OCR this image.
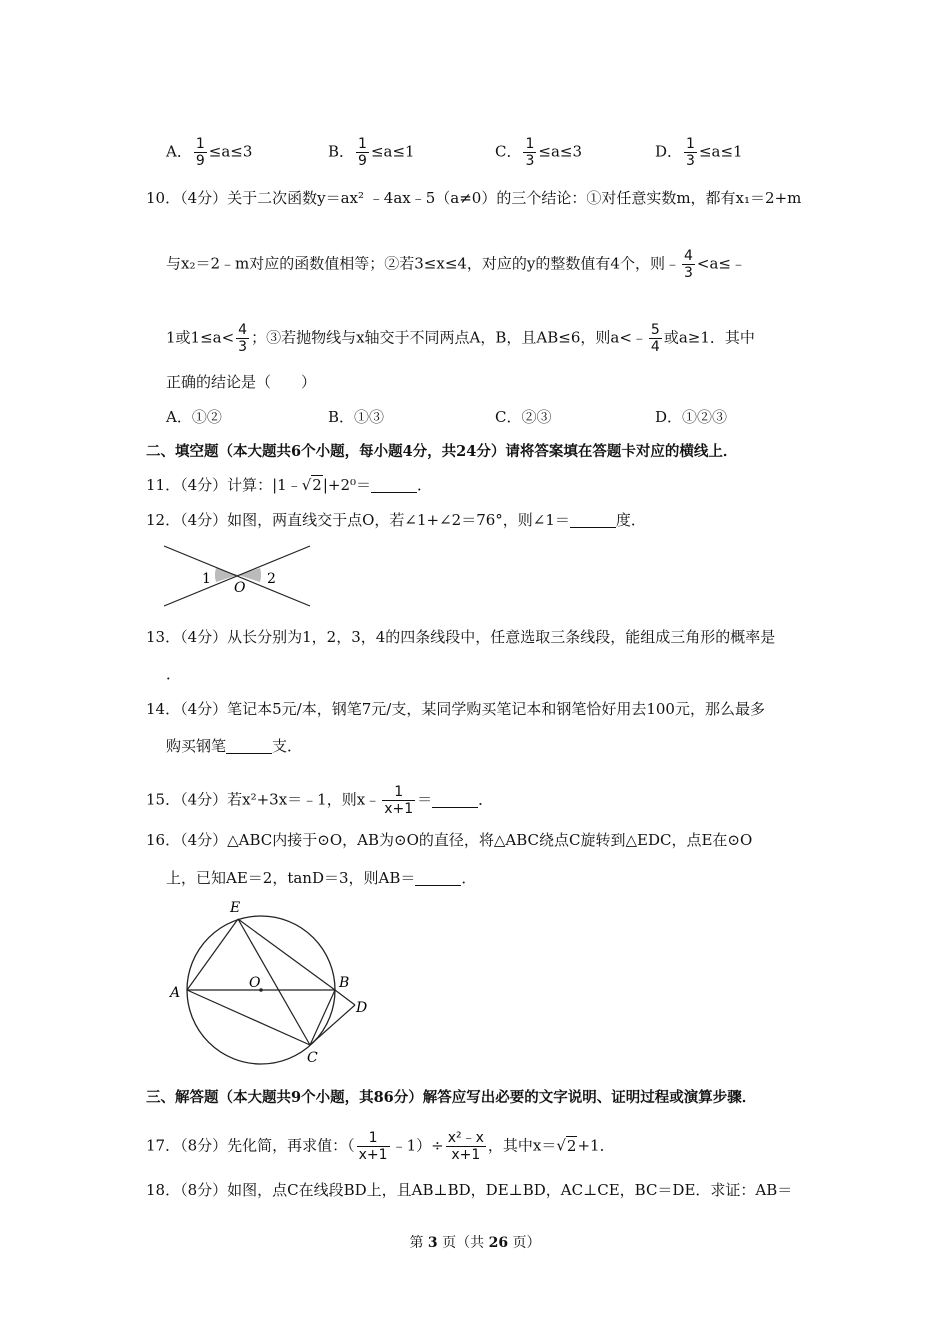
A． $\frac{1}{9} \le a\le 3$	B． $\frac{1}{9} \le a\le 1$	C． $\frac{1}{3} \le a\le 3$	D． $\frac{1}{3} \le a\le 1$
10．（4分）关于二次函数y＝ax² ﹣4ax﹣5（a≠0）的三个结论：①对任意实数m，都有x₁＝2+m
与x₂＝2﹣m对应的函数值相等；②若3≤x≤4，对应的y的整数值有4个，则﹣ $\frac{4}{3}$ <a≤﹣
1或$1\le a< \frac{4}{3}$ ；③若抛物线与x轴交于不同两点A，B，且AB≤6，则a<﹣ $\frac{5}{4}$ 或a≥1．其中
正确的结论是（　　）
A．①②	B．①③	C．②③	D．①②③
二、填空题（本大题共6个小题，每小题4分，共24分）请将答案填在答题卡对应的横线上．
11．（4分）计算：|1﹣√2|+2⁰＝	．
12．（4分）如图，两直线交于点O，若∠1+∠2＝76°，则∠1＝	度．
1	2
O
13．（4分）从长分别为1，2，3，4的四条线段中，任意选取三条线段，能组成三角形的概率是
．
14．（4分）笔记本5元/本，钢笔7元/支，某同学购买笔记本和钢笔恰好用去100元，那么最多
购买钢笔	支．
15．（4分）若x²+3x＝﹣1，则x﹣ $\frac{1}{x+1}$ ＝	．
16．（4分）△ABC内接于⊙O，AB为⊙O的直径，将△ABC绕点C旋转到△EDC，点E在⊙O
上，已知AE＝2，tanD＝3，则AB＝	．
E
A
O	B
D
C
三、解答题（本大题共9个小题，其86分）解答应写出必要的文字说明、证明过程或演算步骤．
17．（8分）先化简，再求值：（ $\frac{1}{x+1}$ ﹣1）÷ $\frac{\text{x²﹣x}}{x+1}$ ，其中x＝√2+1．
18．（8分）如图，点C在线段BD上，且AB⊥BD，DE⊥BD，AC⊥CE，BC＝DE．求证：AB＝
第 3 页（共 26 页）
